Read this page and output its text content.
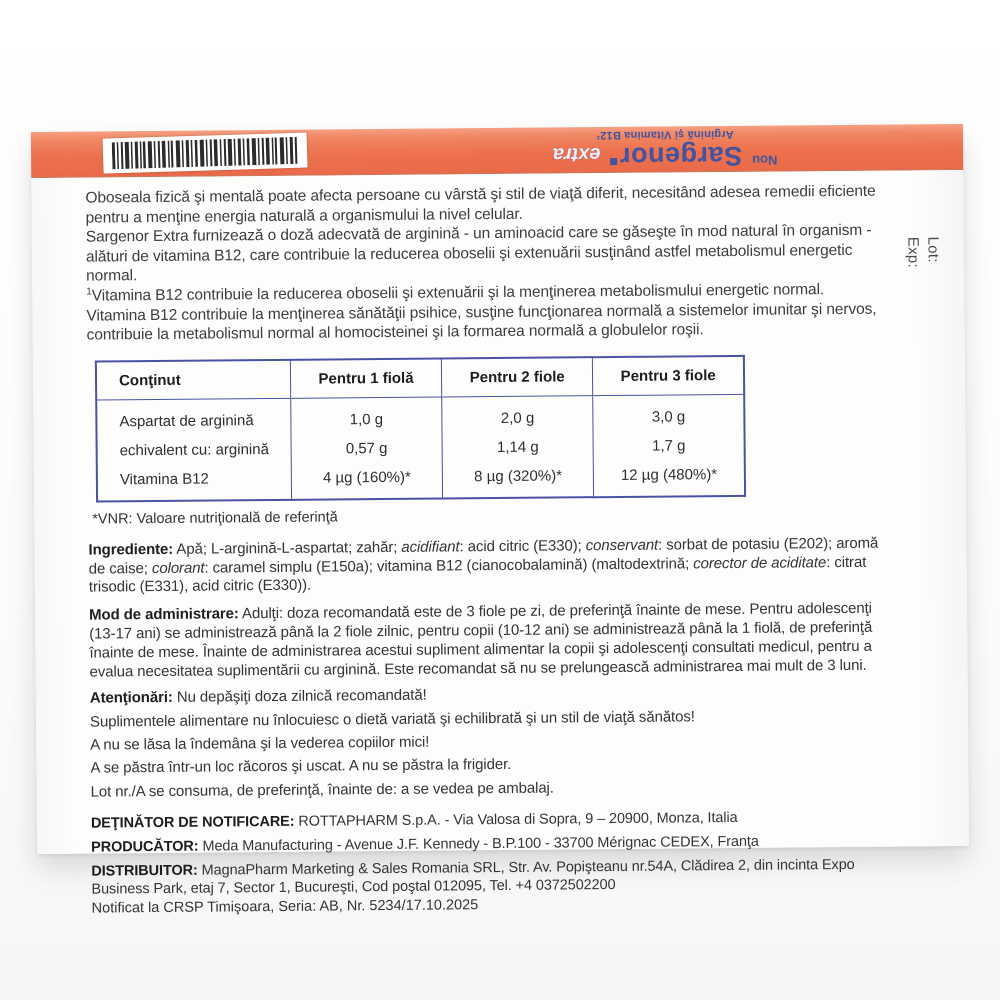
Nou
Sargenor
extra
Arginină şi Vitamina B12¹
Lot:
Exp:

Oboseala fizică şi mentală poate afecta persoane cu vârstă şi stil de viaţă diferit, necesitând adesea remedii eficiente pentru a menţine energia naturală a organismului la nivel celular.

Sargenor Extra furnizează o doză adecvată de arginină - un aminoacid care se găseşte în mod natural în organism - alături de vitamina B12, care contribuie la reducerea oboselii şi extenuării susţinând astfel metabolismul energetic normal.

$^1$Vitamina B12 contribuie la reducerea oboselii şi extenuării şi la menţinerea metabolismului energetic normal. Vitamina B12 contribuie la menţinerea sănătăţii psihice, susţine funcţionarea normală a sistemelor imunitar şi nervos, contribuie la metabolismul normal al homocisteinei şi la formarea normală a globulelor roşii.

Conţinut	Pentru 1 fiolă	Pentru 2 fiole	Pentru 3 fiole
Aspartat de arginină	1,0 g	2,0 g	3,0 g
echivalent cu: arginină	0,57 g	1,14 g	1,7 g
Vitamina B12	4 µg (160%)*	8 µg (320%)*	12 µg (480%)*

*VNR: Valoare nutriţională de referinţă

Ingrediente: Apă; L-arginină-L-aspartat; zahăr; acidifiant: acid citric (E330); conservant: sorbat de potasiu (E202); aromă de caise; colorant: caramel simplu (E150a); vitamina B12 (cianocobalamină) (maltodextrină; corector de aciditate: citrat trisodic (E331), acid citric (E330)).

Mod de administrare: Adulţi: doza recomandată este de 3 fiole pe zi, de preferinţă înainte de mese. Pentru adolescenţi (13-17 ani) se administrează până la 2 fiole zilnic, pentru copii (10-12 ani) se administrează până la 1 fiolă, de preferinţă înainte de mese. Înainte de administrarea acestui supliment alimentar la copii şi adolescenţi consultati medicul, pentru a evalua necesitatea suplimentării cu arginină. Este recomandat să nu se prelungească administrarea mai mult de 3 luni.

Atenţionări: Nu depăşiţi doza zilnică recomandată!

Suplimentele alimentare nu înlocuiesc o dietă variată şi echilibrată şi un stil de viaţă sănătos!

A nu se lăsa la îndemâna şi la vederea copiilor mici!

A se păstra într-un loc răcoros şi uscat. A nu se păstra la frigider.

Lot nr./A se consuma, de preferinţă, înainte de: a se vedea pe ambalaj.

DEŢINĂTOR DE NOTIFICARE: ROTTAPHARM S.p.A. - Via Valosa di Sopra, 9 – 20900, Monza, Italia

PRODUCĂTOR: Meda Manufacturing - Avenue J.F. Kennedy - B.P.100 - 33700 Mérignac CEDEX, Franţa

DISTRIBUITOR: MagnaPharm Marketing & Sales Romania SRL, Str. Av. Popişteanu nr.54A, Clădirea 2, din incinta Expo Business Park, etaj 7, Sector 1, Bucureşti, Cod poştal 012095, Tel. +4 0372502200

Notificat la CRSP Timişoara, Seria: AB, Nr. 5234/17.10.2025
